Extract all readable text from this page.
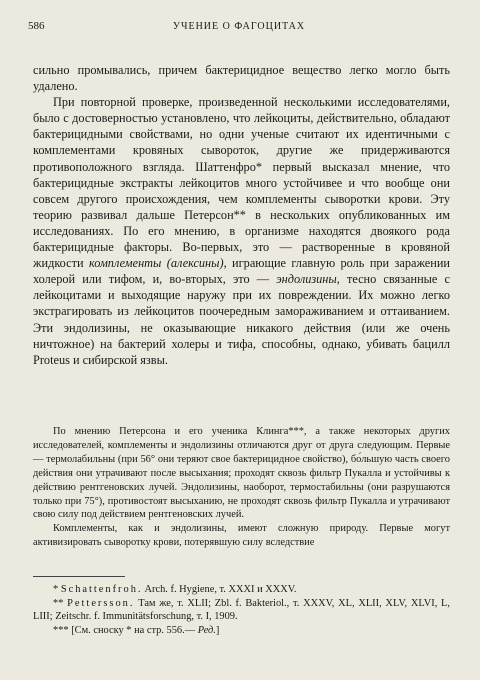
586	УЧЕНИЕ О ФАГОЦИТАХ

сильно промывались, причем бактерицидное вещество легко могло быть удалено.

При повторной проверке, произведенной несколькими исследователями, было с достоверностью установлено, что лейкоциты, действительно, обладают бактерицидными свойствами, но одни ученые считают их идентичными с комплементами кровяных сывороток, другие же придерживаются противоположного взгляда. Шаттенфро* первый высказал мнение, что бактерицидные экстракты лейкоцитов много устойчивее и что вообще они совсем другого происхождения, чем комплементы сыворотки крови. Эту теорию развивал дальше Петерсон** в нескольких опубликованных им исследованиях. По его мнению, в организме находятся двоякого рода бактерицидные факторы. Во-первых, это — растворенные в кровяной жидкости комплементы (алексины), играющие главную роль при заражении холерой или тифом, и, во-вторых, это — эндолизины, тесно связанные с лейкоцитами и выходящие наружу при их повреждении. Их можно легко экстрагировать из лейкоцитов поочередным замораживанием и оттаиванием. Эти эндолизины, не оказывающие никакого действия (или же очень ничтожное) на бактерий холеры и тифа, способны, однако, убивать бацилл Proteus и сибирской язвы.

По мнению Петерсона и его ученика Клинга***, а также некоторых других исследователей, комплементы и эндолизины отличаются друг от друга следующим. Первые — термолабильны (при 56° они теряют свое бактерицидное свойство), бо́льшую часть своего действия они утрачивают после высыхания; проходят сквозь фильтр Пукалла и устойчивы к действию рентгеновских лучей. Эндолизины, наоборот, термостабильны (они разрушаются только при 75°), противостоят высыханию, не проходят сквозь фильтр Пукалла и утрачивают свою силу под действием рентгеновских лучей.

Комплементы, как и эндолизины, имеют сложную природу. Первые могут активизировать сыворотку крови, потерявшую силу вследствие

* Schattenfroh. Arch. f. Hygiene, т. XXXI и XXXV.

** Pettersson. Там же, т. XLII; Zbl. f. Bakteriol., т. XXXV, XL, XLII, XLV, XLVI, L, LIII; Zeitschr. f. Immunitätsforschung, т. I, 1909.

*** [См. сноску * на стр. 556.— Ред.]
